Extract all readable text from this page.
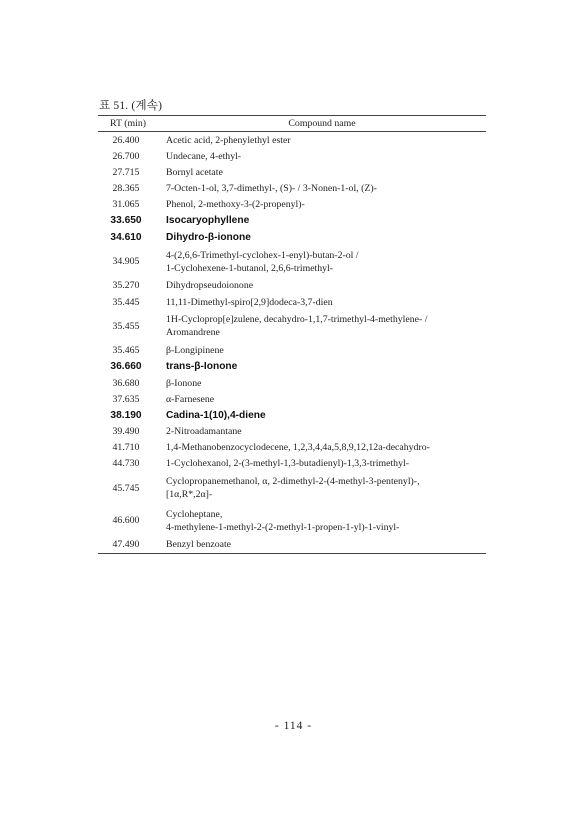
표 51. (계속)
RT (min)	Compound name
26.400	Acetic acid, 2-phenylethyl ester

26.700	Undecane, 4-ethyl-

27.715	Bornyl acetate

28.365	7-Octen-1-ol, 3,7-dimethyl-, (S)- / 3-Nonen-1-ol, (Z)-

31.065	Phenol, 2-methoxy-3-(2-propenyl)-

33.650	Isocaryophyllene

34.610	Dihydro-β-ionone

34.905	4-(2,6,6-Trimethyl-cyclohex-1-enyl)-butan-2-ol /
1-Cyclohexene-1-butanol, 2,6,6-trimethyl-

35.270	Dihydropseudoionone

35.445	11,11-Dimethyl-spiro[2,9]dodeca-3,7-dien

35.455	1H-Cycloprop[e]zulene, decahydro-1,1,7-trimethyl-4-methylene- /
Aromandrene

35.465	β-Longipinene

36.660	trans-β-Ionone

36.680	β-Ionone

37.635	α-Farnesene

38.190	Cadina-1(10),4-diene

39.490	2-Nitroadamantane

41.710	1,4-Methanobenzocyclodecene, 1,2,3,4,4a,5,8,9,12,12a-decahydro-

44.730	1-Cyclohexanol, 2-(3-methyl-1,3-butadienyl)-1,3,3-trimethyl-

45.745	Cyclopropanemethanol, α, 2-dimethyl-2-(4-methyl-3-pentenyl)-,
[1α,R*,2α]-

46.600	Cycloheptane,
4-methylene-1-methyl-2-(2-methyl-1-propen-1-yl)-1-vinyl-

47.490	Benzyl benzoate
- 114 -
